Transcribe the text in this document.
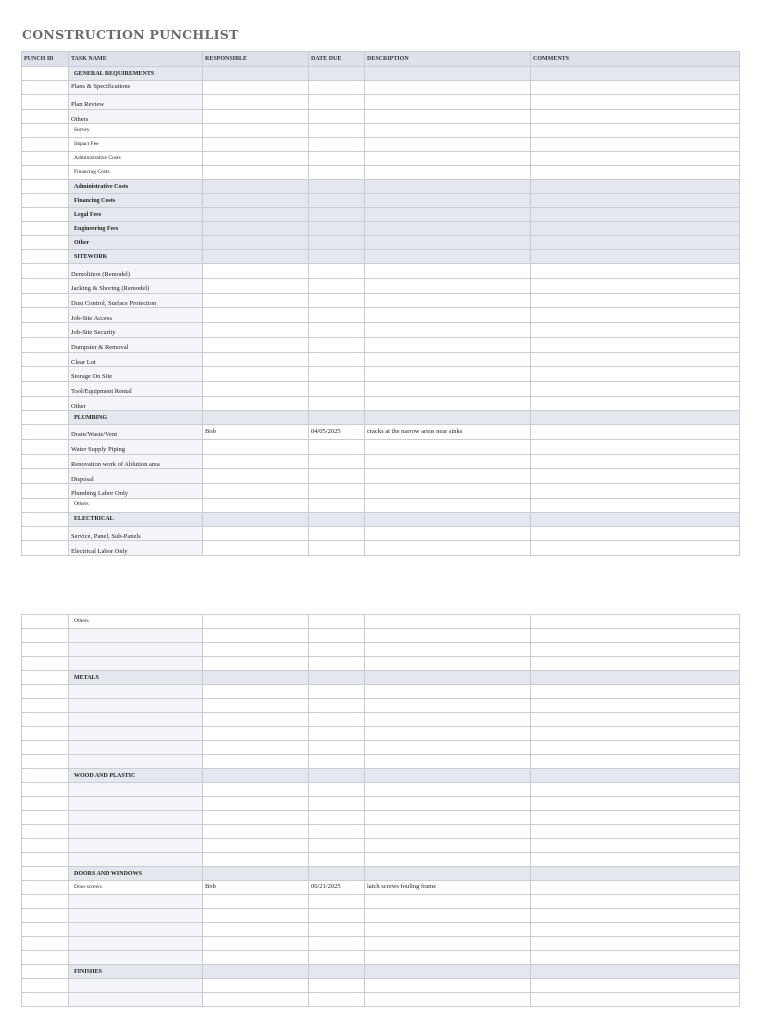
CONSTRUCTION PUNCHLIST
PUNCH ID	TASK NAME	RESPONSIBLE	DATE DUE	DESCRIPTION	COMMENTS
	GENERAL REQUIREMENTS				
	Plans & Specifications				
	Plan Review				
	Others				
	Survey				
	Impact Fee				
	Administrative Costs				
	Financing Costs				
	Administrative Costs				
	Financing Costs				
	Legal Fees				
	Engineering Fees				
	Other				
	SITEWORK				
	Demolition (Remodel)				
	Jacking & Shoring (Remodel)				
	Dust Control, Surface Protection				
	Job-Site Access				
	Job-Site Security				
	Dumpster & Removal				
	Clear Lot				
	Storage On Site				
	Tool/Equipment Rental				
	Other				
	PLUMBING				
	Drain/Waste/Vent	Bob	04/05/2025	cracks at the narrow areas near sinks	
	Water Supply Piping				
	Renovation work of Ablution area				
	Disposal				
	Plumbing Labor Only				
	Others				
	ELECTRICAL				
	Service, Panel, Sub-Panels				
	Electrical Labor Only				
	Others				

	METALS				

	WOOD AND PLASTIC				

	DOORS AND WINDOWS				
	Door screws	Bob	06/21/2025	latch screws fouling frame	

	FINISHES				
